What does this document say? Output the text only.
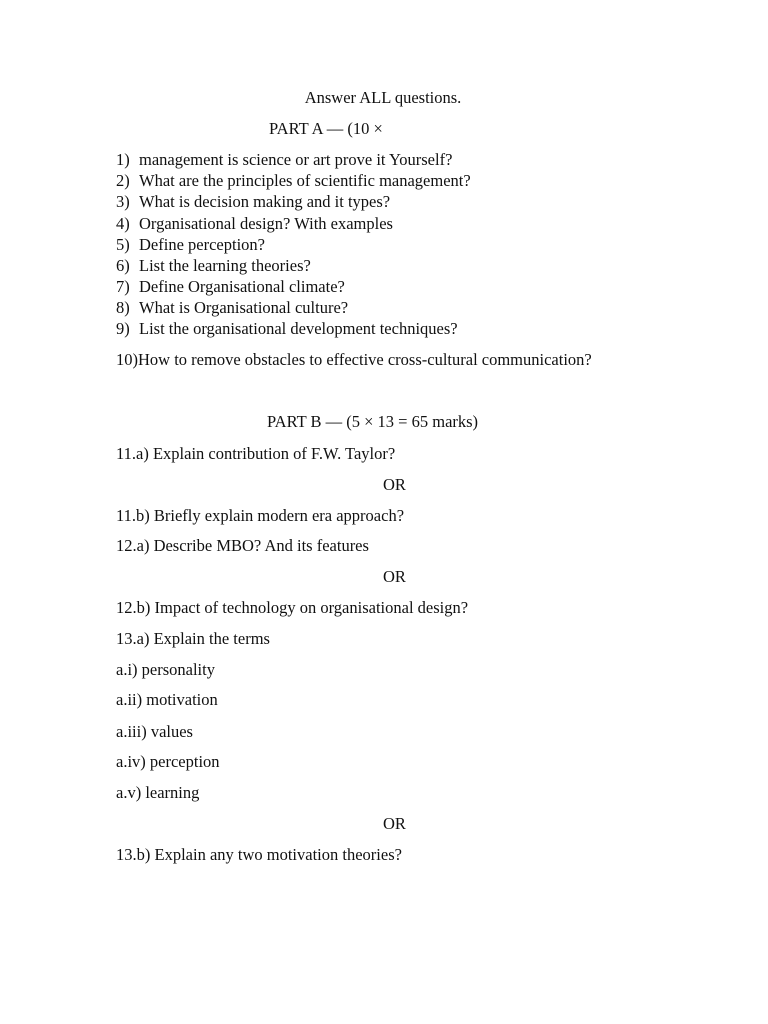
Answer ALL questions.
PART A — (10 ×
1) management is science or art prove it Yourself?
2) What are the principles of scientific management?
3) What is decision making and it types?
4) Organisational design? With examples
5) Define perception?
6) List the learning theories?
7) Define Organisational climate?
8) What is Organisational culture?
9) List the organisational development techniques?
10)How to remove obstacles to effective cross-cultural communication?
PART B — (5 × 13 = 65 marks)
11.a) Explain contribution of F.W. Taylor?
OR
11.b) Briefly explain modern era approach?
12.a) Describe MBO? And its features
OR
12.b) Impact of technology on organisational design?
13.a) Explain the terms
a.i) personality
a.ii) motivation
a.iii) values
a.iv) perception
a.v) learning
OR
13.b) Explain any two motivation theories?
